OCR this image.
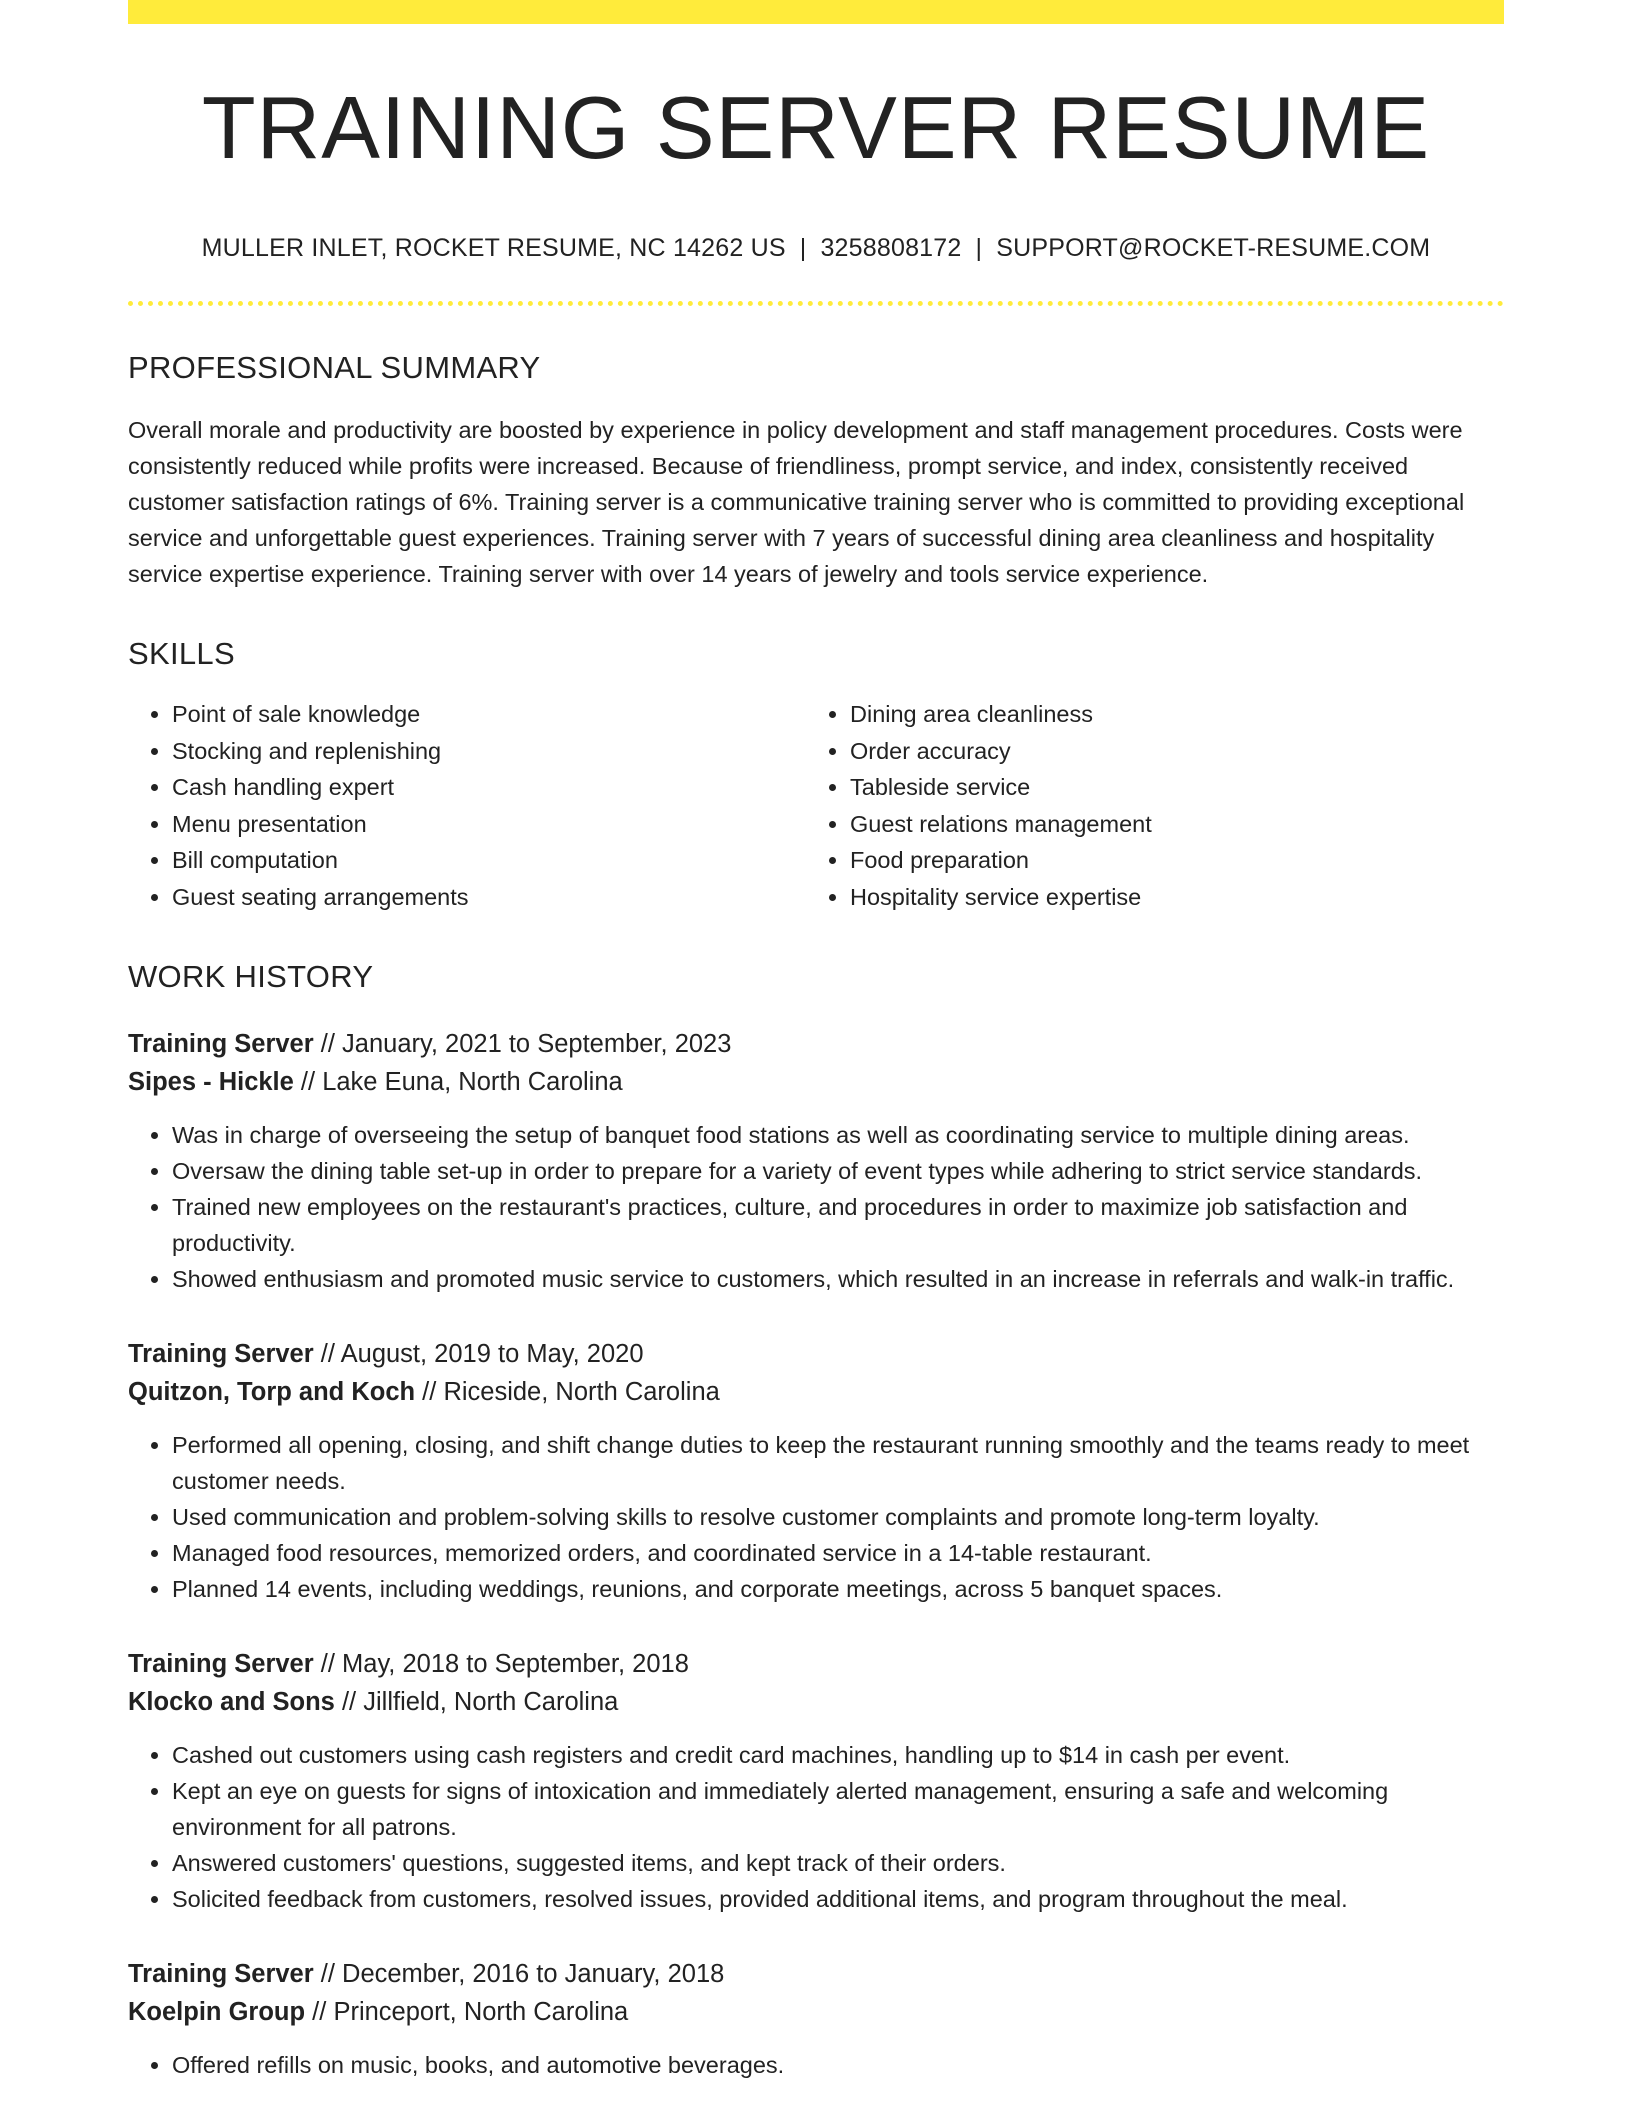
TRAINING SERVER RESUME
MULLER INLET, ROCKET RESUME, NC 14262 US | 3258808172 | SUPPORT@ROCKET-RESUME.COM
PROFESSIONAL SUMMARY
Overall morale and productivity are boosted by experience in policy development and staff management procedures. Costs were consistently reduced while profits were increased. Because of friendliness, prompt service, and index, consistently received customer satisfaction ratings of 6%. Training server is a communicative training server who is committed to providing exceptional service and unforgettable guest experiences. Training server with 7 years of successful dining area cleanliness and hospitality service expertise experience. Training server with over 14 years of jewelry and tools service experience.
SKILLS
• Point of sale knowledge
• Stocking and replenishing
• Cash handling expert
• Menu presentation
• Bill computation
• Guest seating arrangements
• Dining area cleanliness
• Order accuracy
• Tableside service
• Guest relations management
• Food preparation
• Hospitality service expertise
WORK HISTORY
Training Server // January, 2021 to September, 2023
Sipes - Hickle // Lake Euna, North Carolina
• Was in charge of overseeing the setup of banquet food stations as well as coordinating service to multiple dining areas.
• Oversaw the dining table set-up in order to prepare for a variety of event types while adhering to strict service standards.
• Trained new employees on the restaurant's practices, culture, and procedures in order to maximize job satisfaction and productivity.
• Showed enthusiasm and promoted music service to customers, which resulted in an increase in referrals and walk-in traffic.
Training Server // August, 2019 to May, 2020
Quitzon, Torp and Koch // Riceside, North Carolina
• Performed all opening, closing, and shift change duties to keep the restaurant running smoothly and the teams ready to meet customer needs.
• Used communication and problem-solving skills to resolve customer complaints and promote long-term loyalty.
• Managed food resources, memorized orders, and coordinated service in a 14-table restaurant.
• Planned 14 events, including weddings, reunions, and corporate meetings, across 5 banquet spaces.
Training Server // May, 2018 to September, 2018
Klocko and Sons // Jillfield, North Carolina
• Cashed out customers using cash registers and credit card machines, handling up to $14 in cash per event.
• Kept an eye on guests for signs of intoxication and immediately alerted management, ensuring a safe and welcoming environment for all patrons.
• Answered customers' questions, suggested items, and kept track of their orders.
• Solicited feedback from customers, resolved issues, provided additional items, and program throughout the meal.
Training Server // December, 2016 to January, 2018
Koelpin Group // Princeport, North Carolina
• Offered refills on music, books, and automotive beverages.
